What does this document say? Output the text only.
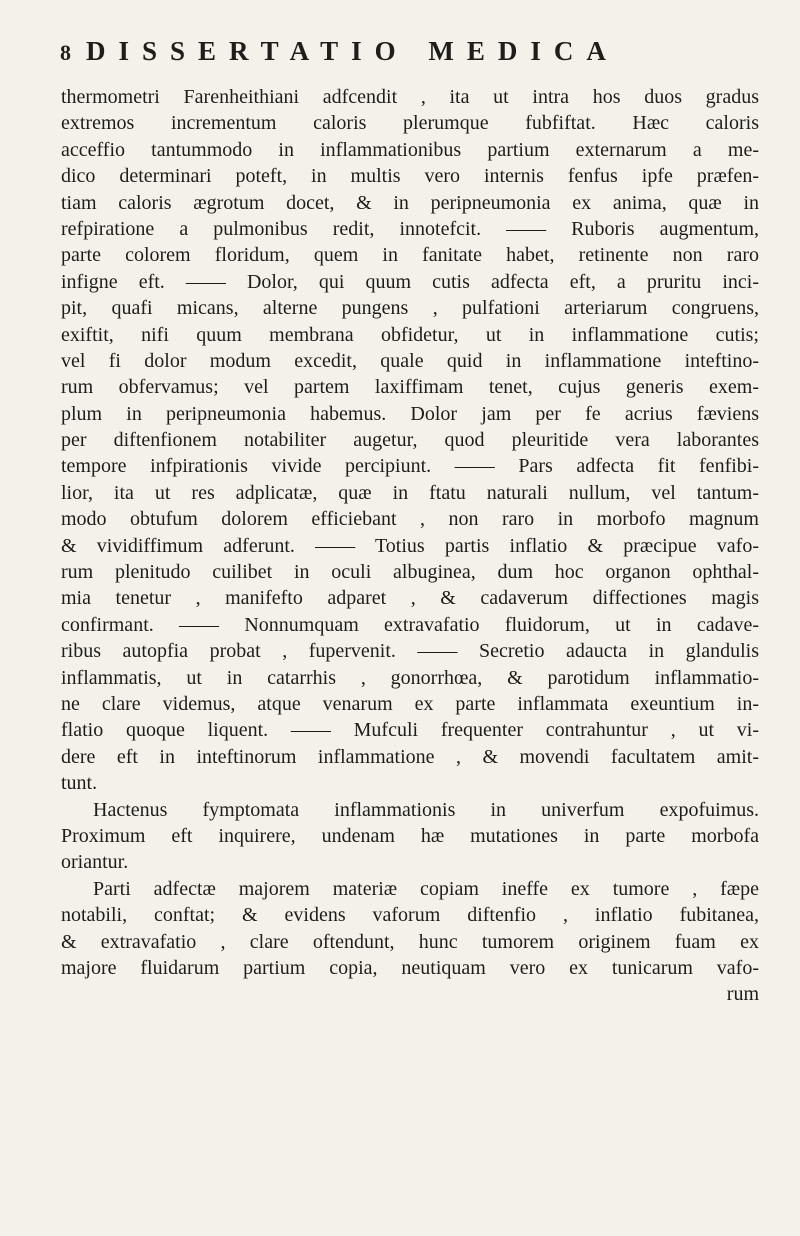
8 DISSERTATIO MEDICA
thermometri Farenheithiani adfcendit , ita ut intra hos duos gradus
extremos incrementum caloris plerumque fubfiftat. Hæc caloris
acceffio tantummodo in inflammationibus partium externarum a me-
dico determinari poteft, in multis vero internis fenfus ipfe præfen-
tiam caloris ægrotum docet, & in peripneumonia ex anima, quæ in
refpiratione a pulmonibus redit, innotefcit. —— Ruboris augmentum,
parte colorem floridum, quem in fanitate habet, retinente non raro
infigne eft. —— Dolor, qui quum cutis adfecta eft, a pruritu inci-
pit, quafi micans, alterne pungens , pulfationi arteriarum congruens,
exiftit, nifi quum membrana obfidetur, ut in inflammatione cutis;
vel fi dolor modum excedit, quale quid in inflammatione inteftino-
rum obfervamus; vel partem laxiffimam tenet, cujus generis exem-
plum in peripneumonia habemus. Dolor jam per fe acrius fæviens
per diftenfionem notabiliter augetur, quod pleuritide vera laborantes
tempore infpirationis vivide percipiunt. —— Pars adfecta fit fenfibi-
lior, ita ut res adplicatæ, quæ in ftatu naturali nullum, vel tantum-
modo obtufum dolorem efficiebant , non raro in morbofo magnum
& vividiffimum adferunt. —— Totius partis inflatio & præcipue vafo-
rum plenitudo cuilibet in oculi albuginea, dum hoc organon ophthal-
mia tenetur , manifefto adparet , & cadaverum diffectiones magis
confirmant. —— Nonnumquam extravafatio fluidorum, ut in cadave-
ribus autopfia probat , fupervenit. —— Secretio adaucta in glandulis
inflammatis, ut in catarrhis , gonorrhœa, & parotidum inflammatio-
ne clare videmus, atque venarum ex parte inflammata exeuntium in-
flatio quoque liquent. —— Mufculi frequenter contrahuntur , ut vi-
dere eft in inteftinorum inflammatione , & movendi facultatem amit-
tunt.
Hactenus fymptomata inflammationis in univerfum expofuimus.
Proximum eft inquirere, undenam hæ mutationes in parte morbofa
oriantur.
Parti adfectæ majorem materiæ copiam ineffe ex tumore , fæpe
notabili, conftat; & evidens vaforum diftenfio , inflatio fubitanea,
& extravafatio , clare oftendunt, hunc tumorem originem fuam ex
majore fluidarum partium copia, neutiquam vero ex tunicarum vafo-
rum
